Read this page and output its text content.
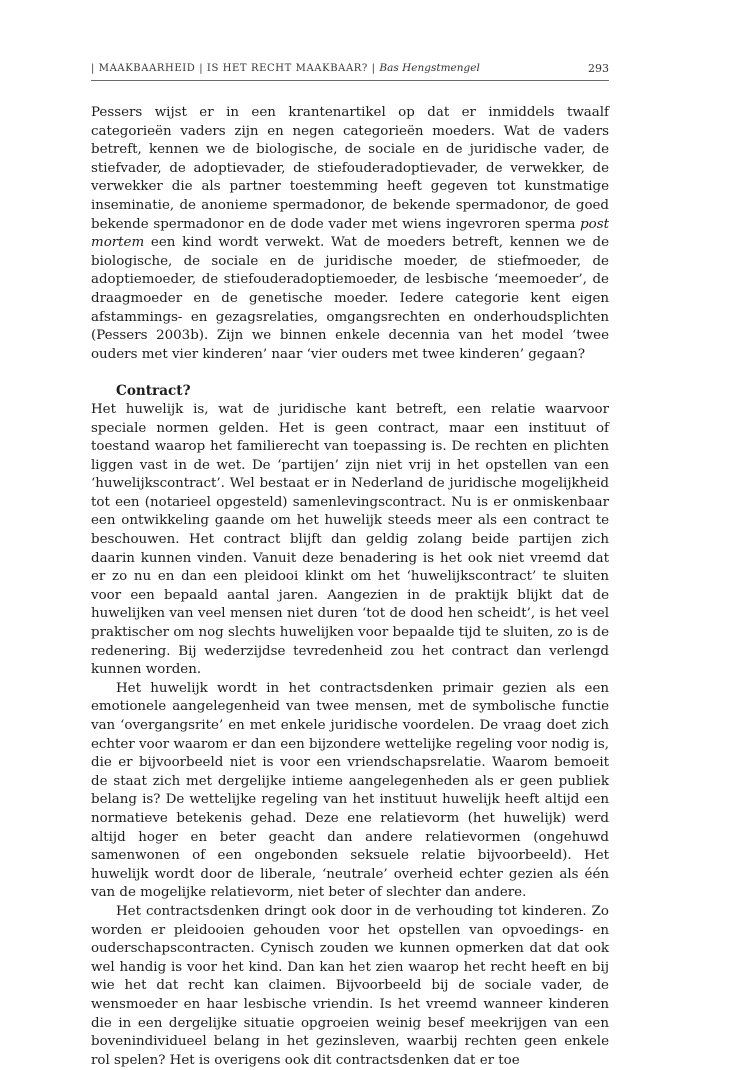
| MAAKBAARHEID | IS HET RECHT MAAKBAAR? | Bas Hengstmengel	293

Pessers wijst er in een krantenartikel op dat er inmiddels twaalf categorieën vaders zijn en negen categorieën moeders. Wat de vaders betreft, kennen we de biologische, de sociale en de juridische vader, de stiefvader, de adoptievader, de stiefouderadoptievader, de verwekker, de verwekker die als partner toestemming heeft gegeven tot kunstmatige inseminatie, de anonieme spermadonor, de bekende spermadonor, de goed bekende spermadonor en de dode vader met wiens ingevroren sperma post mortem een kind wordt verwekt. Wat de moeders betreft, kennen we de biologische, de sociale en de juridische moeder, de stiefmoeder, de adoptiemoeder, de stiefouderadoptiemoeder, de lesbische ‘meemoeder’, de draagmoeder en de genetische moeder. Iedere categorie kent eigen afstammings- en gezagsrelaties, omgangsrechten en onderhoudsplichten (Pessers 2003b). Zijn we binnen enkele decennia van het model ‘twee ouders met vier kinderen’ naar ‘vier ouders met twee kinderen’ gegaan?

Contract?

Het huwelijk is, wat de juridische kant betreft, een relatie waarvoor speciale normen gelden. Het is geen contract, maar een instituut of toestand waarop het familierecht van toepassing is. De rechten en plichten liggen vast in de wet. De ‘partijen’ zijn niet vrij in het opstellen van een ‘huwelijkscontract’. Wel bestaat er in Nederland de juridische mogelijkheid tot een (notarieel opgesteld) samenlevingscontract. Nu is er onmiskenbaar een ontwikkeling gaande om het huwelijk steeds meer als een contract te beschouwen. Het contract blijft dan geldig zolang beide partijen zich daarin kunnen vinden. Vanuit deze benadering is het ook niet vreemd dat er zo nu en dan een pleidooi klinkt om het ‘huwelijkscontract’ te sluiten voor een bepaald aantal jaren. Aangezien in de praktijk blijkt dat de huwelijken van veel mensen niet duren ‘tot de dood hen scheidt’, is het veel praktischer om nog slechts huwelijken voor bepaalde tijd te sluiten, zo is de redenering. Bij wederzijdse tevredenheid zou het contract dan verlengd kunnen worden.

Het huwelijk wordt in het contractsdenken primair gezien als een emotionele aangelegenheid van twee mensen, met de symbolische functie van ‘overgangsrite’ en met enkele juridische voordelen. De vraag doet zich echter voor waarom er dan een bijzondere wettelijke regeling voor nodig is, die er bijvoorbeeld niet is voor een vriendschapsrelatie. Waarom bemoeit de staat zich met dergelijke intieme aangelegenheden als er geen publiek belang is? De wettelijke regeling van het instituut huwelijk heeft altijd een normatieve betekenis gehad. Deze ene relatievorm (het huwelijk) werd altijd hoger en beter geacht dan andere relatievormen (ongehuwd samenwonen of een ongebonden seksuele relatie bijvoorbeeld). Het huwelijk wordt door de liberale, ‘neutrale’ overheid echter gezien als één van de mogelijke relatievorm, niet beter of slechter dan andere.

Het contractsdenken dringt ook door in de verhouding tot kinderen. Zo worden er pleidooien gehouden voor het opstellen van opvoedings- en ouderschapscontracten. Cynisch zouden we kunnen opmerken dat dat ook wel handig is voor het kind. Dan kan het zien waarop het recht heeft en bij wie het dat recht kan claimen. Bijvoorbeeld bij de sociale vader, de wensmoeder en haar lesbische vriendin. Is het vreemd wanneer kinderen die in een dergelijke situatie opgroeien weinig besef meekrijgen van een bovenindividueel belang in het gezinsleven, waarbij rechten geen enkele rol spelen? Het is overigens ook dit contractsdenken dat er toe
